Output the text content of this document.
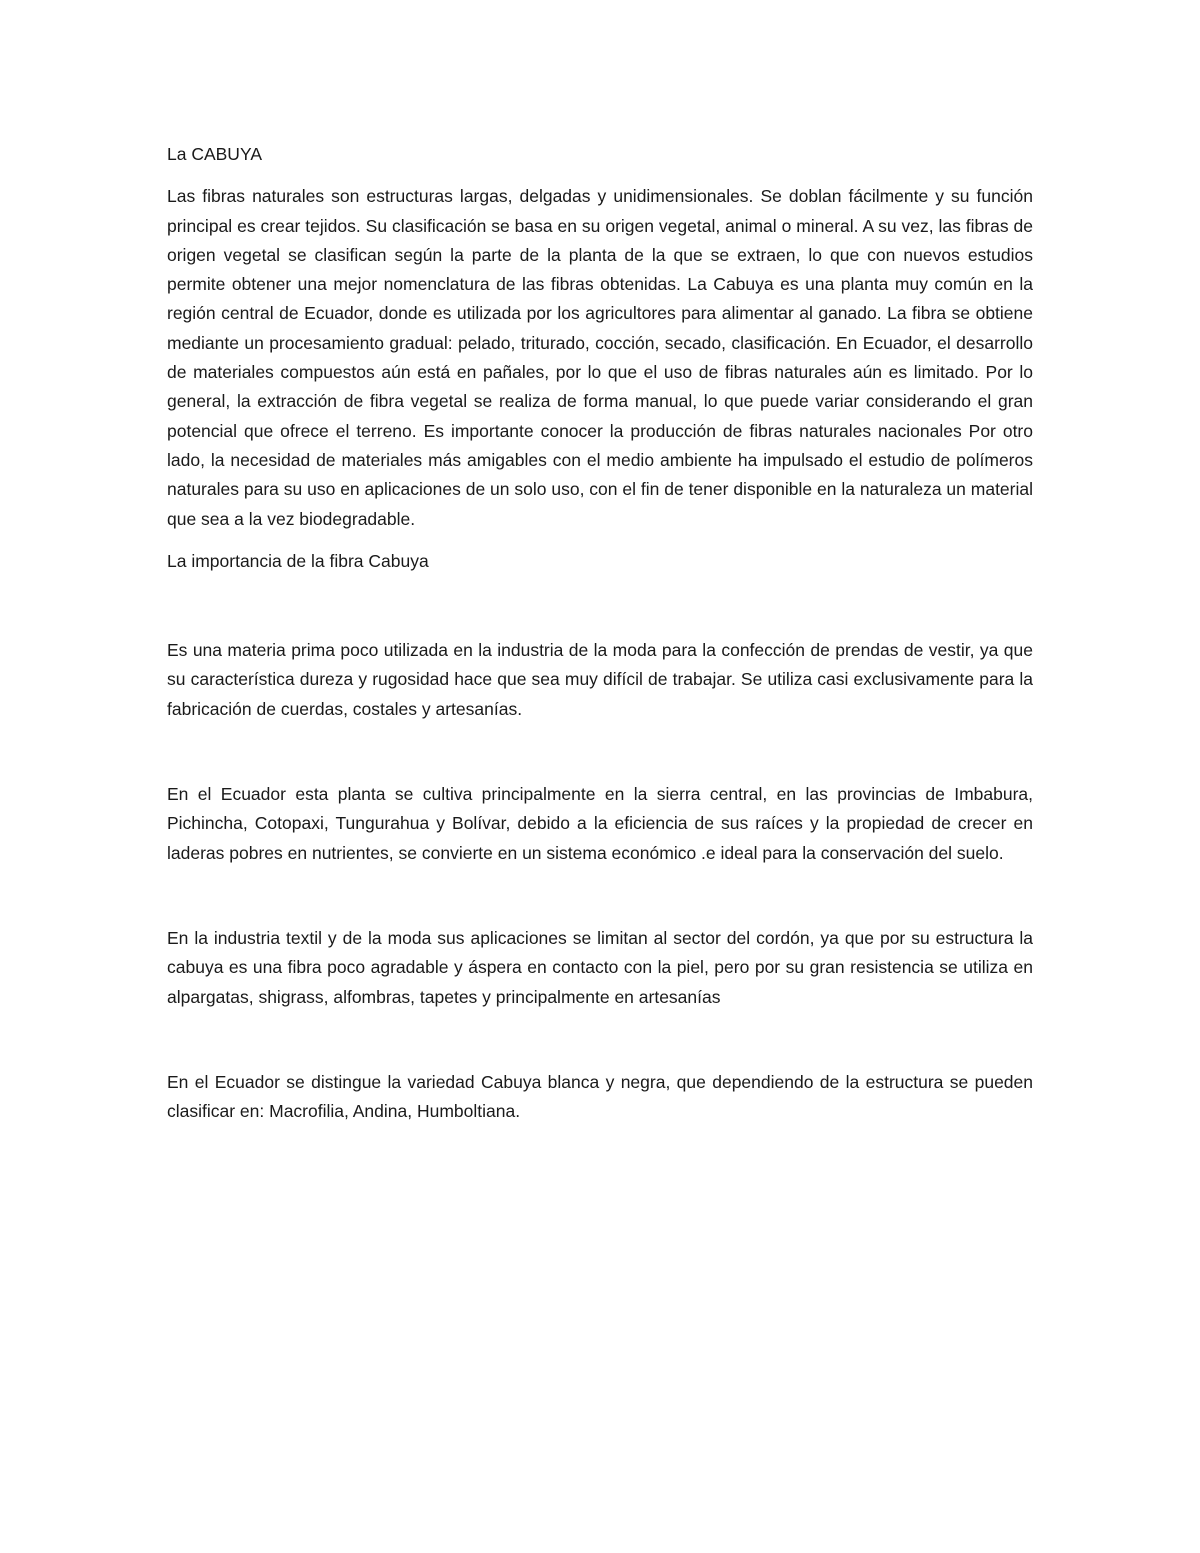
La CABUYA

Las fibras naturales son estructuras largas, delgadas y unidimensionales. Se doblan fácilmente y su función principal es crear tejidos. Su clasificación se basa en su origen vegetal, animal o mineral. A su vez, las fibras de origen vegetal se clasifican según la parte de la planta de la que se extraen, lo que con nuevos estudios permite obtener una mejor nomenclatura de las fibras obtenidas. La Cabuya es una planta muy común en la región central de Ecuador, donde es utilizada por los agricultores para alimentar al ganado. La fibra se obtiene mediante un procesamiento gradual: pelado, triturado, cocción, secado, clasificación. En Ecuador, el desarrollo de materiales compuestos aún está en pañales, por lo que el uso de fibras naturales aún es limitado. Por lo general, la extracción de fibra vegetal se realiza de forma manual, lo que puede variar considerando el gran potencial que ofrece el terreno. Es importante conocer la producción de fibras naturales nacionales Por otro lado, la necesidad de materiales más amigables con el medio ambiente ha impulsado el estudio de polímeros naturales para su uso en aplicaciones de un solo uso, con el fin de tener disponible en la naturaleza un material que sea a la vez biodegradable.

La importancia de la fibra Cabuya

Es una materia prima poco utilizada en la industria de la moda para la confección de prendas de vestir, ya que su característica dureza y rugosidad hace que sea muy difícil de trabajar. Se utiliza casi exclusivamente para la fabricación de cuerdas, costales y artesanías.

En el Ecuador esta planta se cultiva principalmente en la sierra central, en las provincias de Imbabura, Pichincha, Cotopaxi, Tungurahua y Bolívar, debido a la eficiencia de sus raíces y la propiedad de crecer en laderas pobres en nutrientes, se convierte en un sistema económico .e ideal para la conservación del suelo.

En la industria textil y de la moda sus aplicaciones se limitan al sector del cordón, ya que por su estructura la cabuya es una fibra poco agradable y áspera en contacto con la piel, pero por su gran resistencia se utiliza en alpargatas, shigrass, alfombras, tapetes y principalmente en artesanías

En el Ecuador se distingue la variedad Cabuya blanca y negra, que dependiendo de la estructura se pueden clasificar en: Macrofilia, Andina, Humboltiana.
